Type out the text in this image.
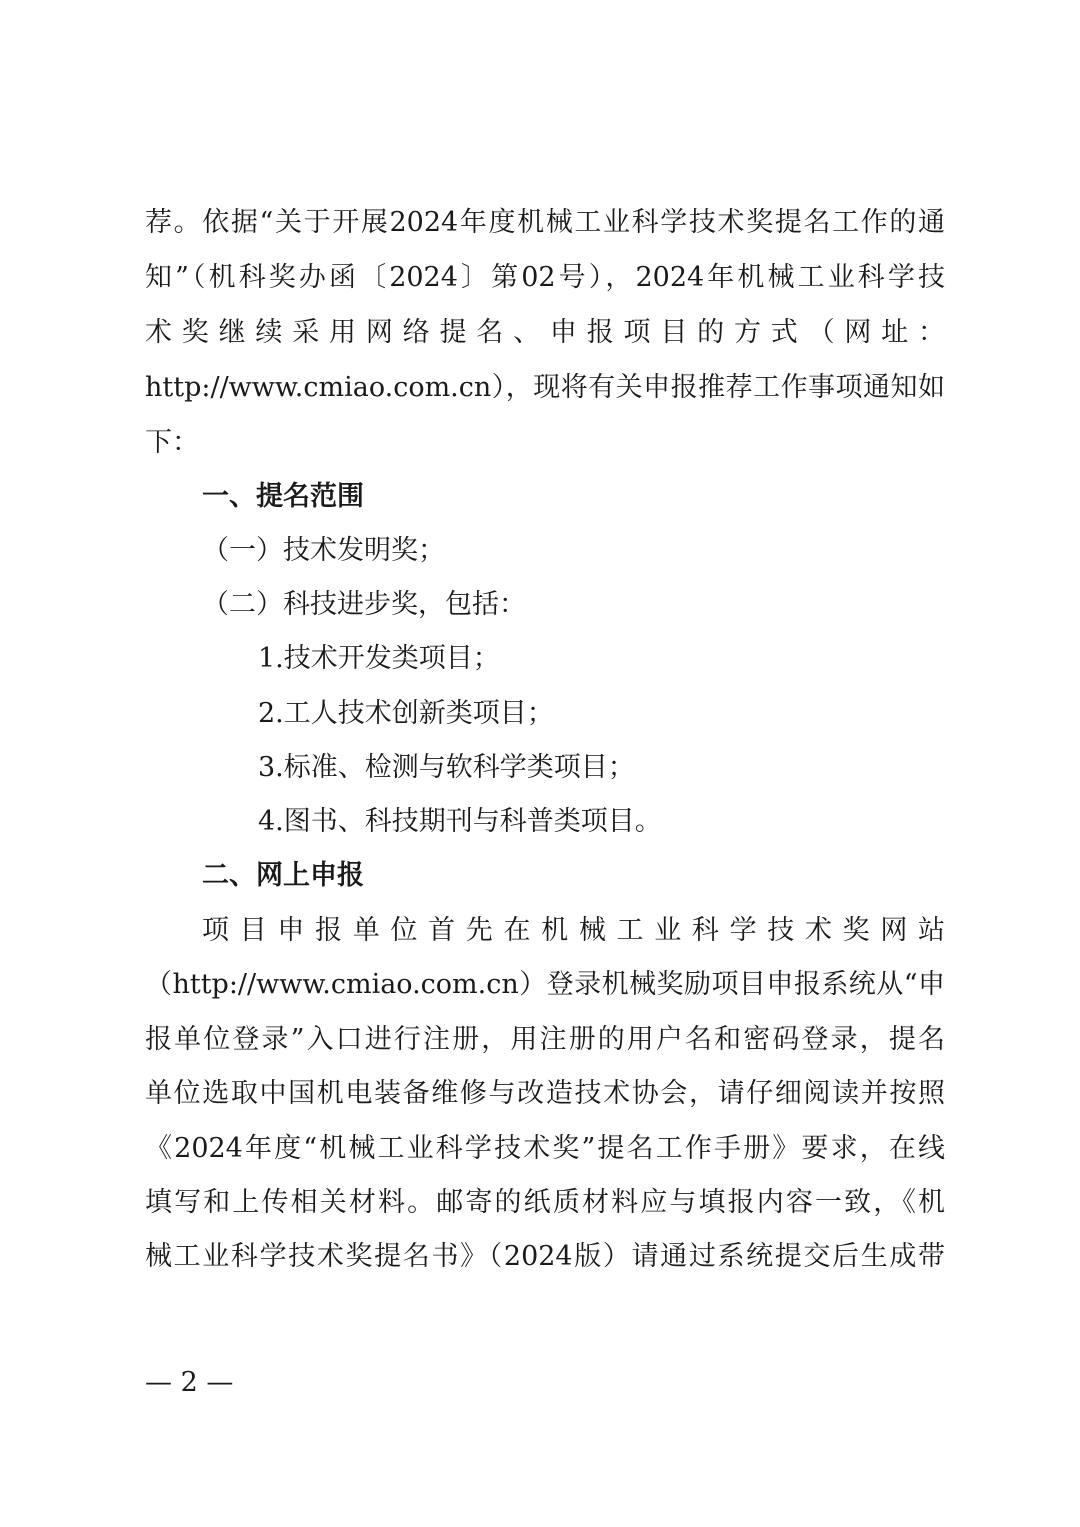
荐。依据“关于开展2024年度机械工业科学技术奖提名工作的通
知”（机科奖办函〔2024〕第02号），2024年机械工业科学技
术奖继续采用网络提名、申报项目的方式（网址：
http://www.cmiao.com.cn），现将有关申报推荐工作事项通知如
下：
一、提名范围
（一）技术发明奖；
（二）科技进步奖，包括：
1.技术开发类项目；
2.工人技术创新类项目；
3.标准、检测与软科学类项目；
4.图书、科技期刊与科普类项目。
二、网上申报
项目申报单位首先在机械工业科学技术奖网站
（http://www.cmiao.com.cn）登录机械奖励项目申报系统从“申
报单位登录”入口进行注册，用注册的用户名和密码登录，提名
单位选取中国机电装备维修与改造技术协会，请仔细阅读并按照
《2024年度“机械工业科学技术奖”提名工作手册》要求，在线
填写和上传相关材料。邮寄的纸质材料应与填报内容一致，《机
械工业科学技术奖提名书》（2024版）请通过系统提交后生成带
— 2 —
